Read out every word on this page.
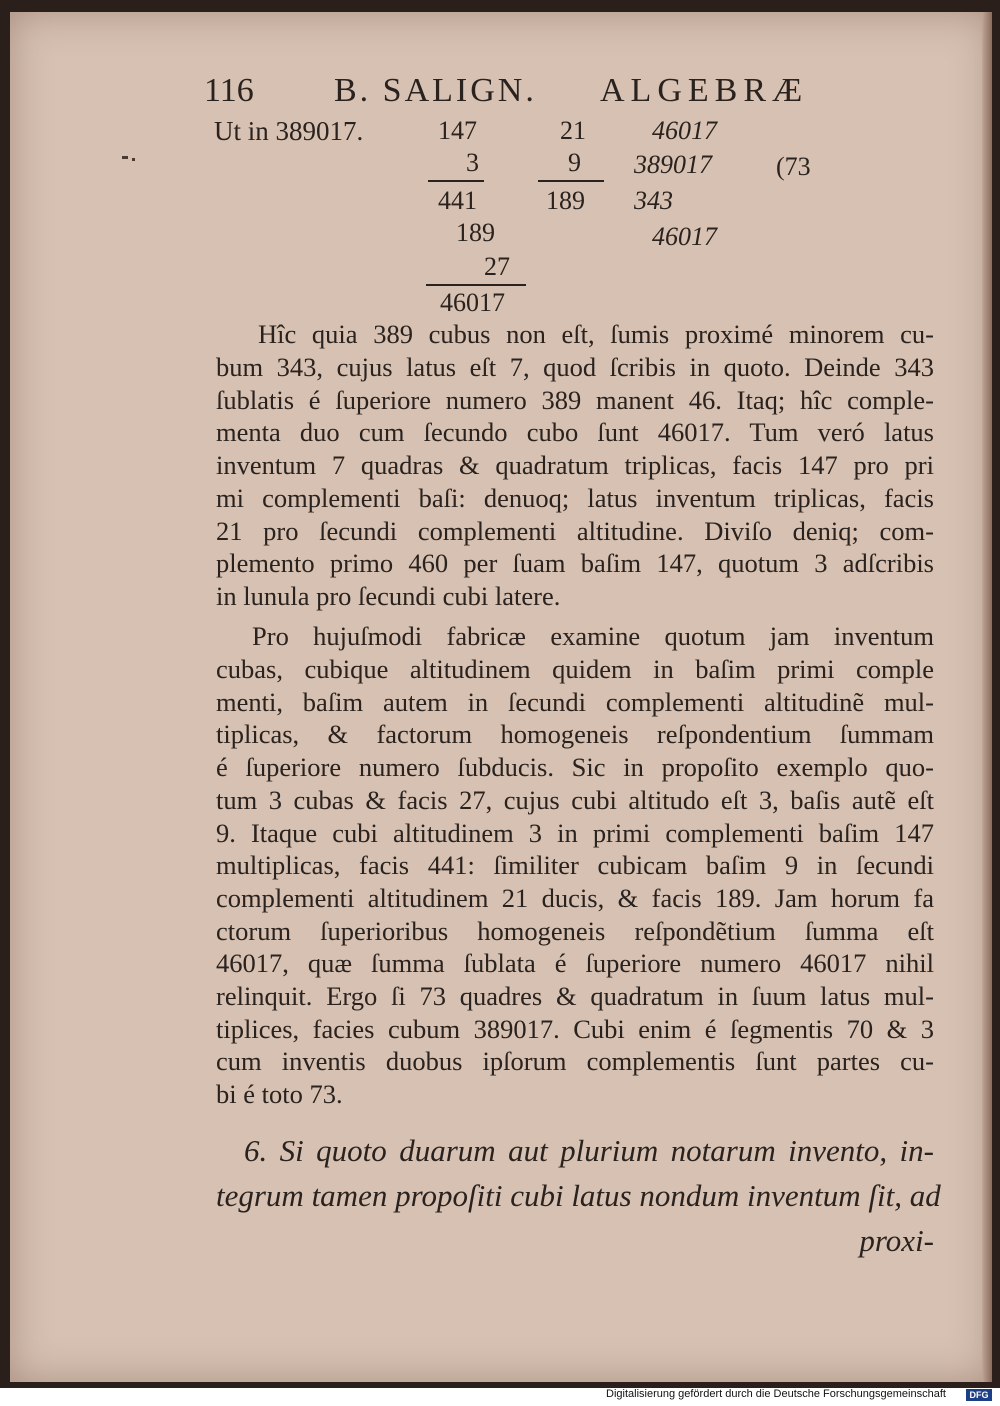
116 B. SALIGN. ALGEBRÆ
Ut in 389017.	147
3
441
189
27
46017
21
9
189
46017
389017 (73
343
46017
Hîc quia 389 cubus non eſt, ſumis proximé minorem cu-
bum 343, cujus latus eſt 7, quod ſcribis in quoto. Deinde 343
ſublatis é ſuperiore numero 389 manent 46. Itaq; hîc comple-
menta duo cum ſecundo cubo ſunt 46017. Tum veró latus
inventum 7 quadras & quadratum triplicas, facis 147 pro pri
mi complementi baſi: denuoq; latus inventum triplicas, facis
21 pro ſecundi complementi altitudine. Diviſo deniq; com-
plemento primo 460 per ſuam baſim 147, quotum 3 adſcribis
in lunula pro ſecundi cubi latere.
Pro hujuſmodi fabricæ examine quotum jam inventum
cubas, cubique altitudinem quidem in baſim primi comple
menti, baſim autem in ſecundi complementi altitudinẽ mul-
tiplicas, & factorum homogeneis reſpondentium ſummam
é ſuperiore numero ſubducis. Sic in propoſito exemplo quo-
tum 3 cubas & facis 27, cujus cubi altitudo eſt 3, baſis autẽ eſt
9. Itaque cubi altitudinem 3 in primi complementi baſim 147
multiplicas, facis 441: ſimiliter cubicam baſim 9 in ſecundi
complementi altitudinem 21 ducis, & facis 189. Jam horum fa
ctorum ſuperioribus homogeneis reſpondẽtium ſumma eſt
46017, quæ ſumma ſublata é ſuperiore numero 46017 nihil
relinquit. Ergo ſi 73 quadres & quadratum in ſuum latus mul-
tiplices, facies cubum 389017. Cubi enim é ſegmentis 70 & 3
cum inventis duobus ipſorum complementis ſunt partes cu-
bi é toto 73.
6. Si quoto duarum aut plurium notarum invento, in-
tegrum tamen propoſiti cubi latus nondum inventum ſit, ad
proxi-
Digitalisierung gefördert durch die Deutsche Forschungsgemeinschaft	DFG
